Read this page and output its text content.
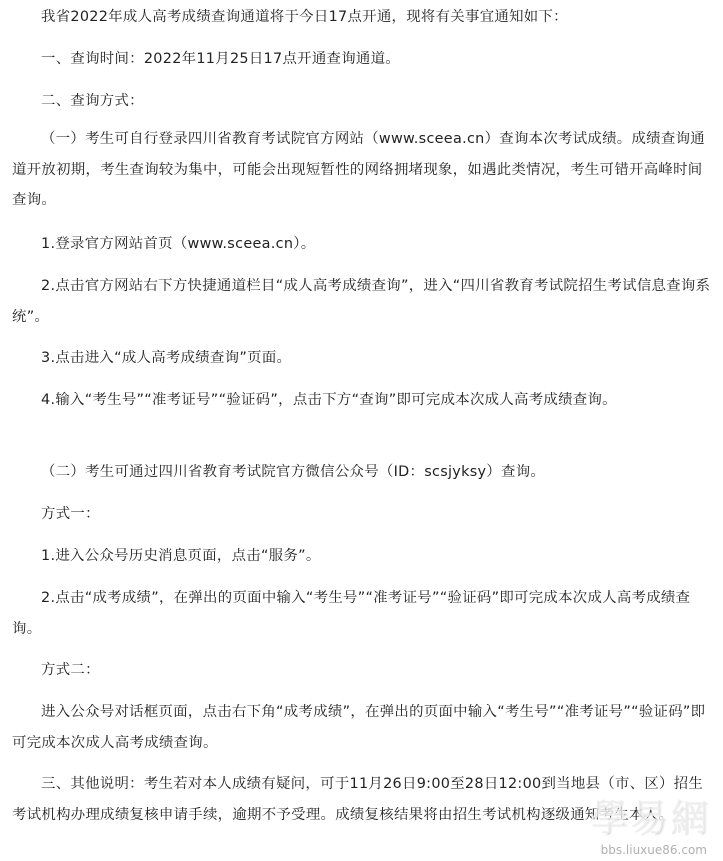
我省2022年成人高考成绩查询通道将于今日17点开通，现将有关事宜通知如下：

一、查询时间：2022年11月25日17点开通查询通道。

二、查询方式：

（一）考生可自行登录四川省教育考试院官方网站（www.sceea.cn）查询本次考试成绩。成绩查询通道开放初期，考生查询较为集中，可能会出现短暂性的网络拥堵现象，如遇此类情况，考生可错开高峰时间查询。

1.登录官方网站首页（www.sceea.cn）。

2.点击官方网站右下方快捷通道栏目“成人高考成绩查询”，进入“四川省教育考试院招生考试信息查询系统”。

3.点击进入“成人高考成绩查询”页面。

4.输入“考生号”“准考证号”“验证码”，点击下方“查询”即可完成本次成人高考成绩查询。

（二）考生可通过四川省教育考试院官方微信公众号（ID：scsjyksy）查询。

方式一：

1.进入公众号历史消息页面，点击“服务”。

2.点击“成考成绩”，在弹出的页面中输入“考生号”“准考证号”“验证码”即可完成本次成人高考成绩查询。

方式二：

进入公众号对话框页面，点击右下角“成考成绩”，在弹出的页面中输入“考生号”“准考证号”“验证码”即可完成本次成人高考成绩查询。

三、其他说明：考生若对本人成绩有疑问，可于11月26日9:00至28日12:00到当地县（市、区）招生考试机构办理成绩复核申请手续，逾期不予受理。成绩复核结果将由招生考试机构逐级通知考生本人。

學易網
bbs.liuxue86.com
